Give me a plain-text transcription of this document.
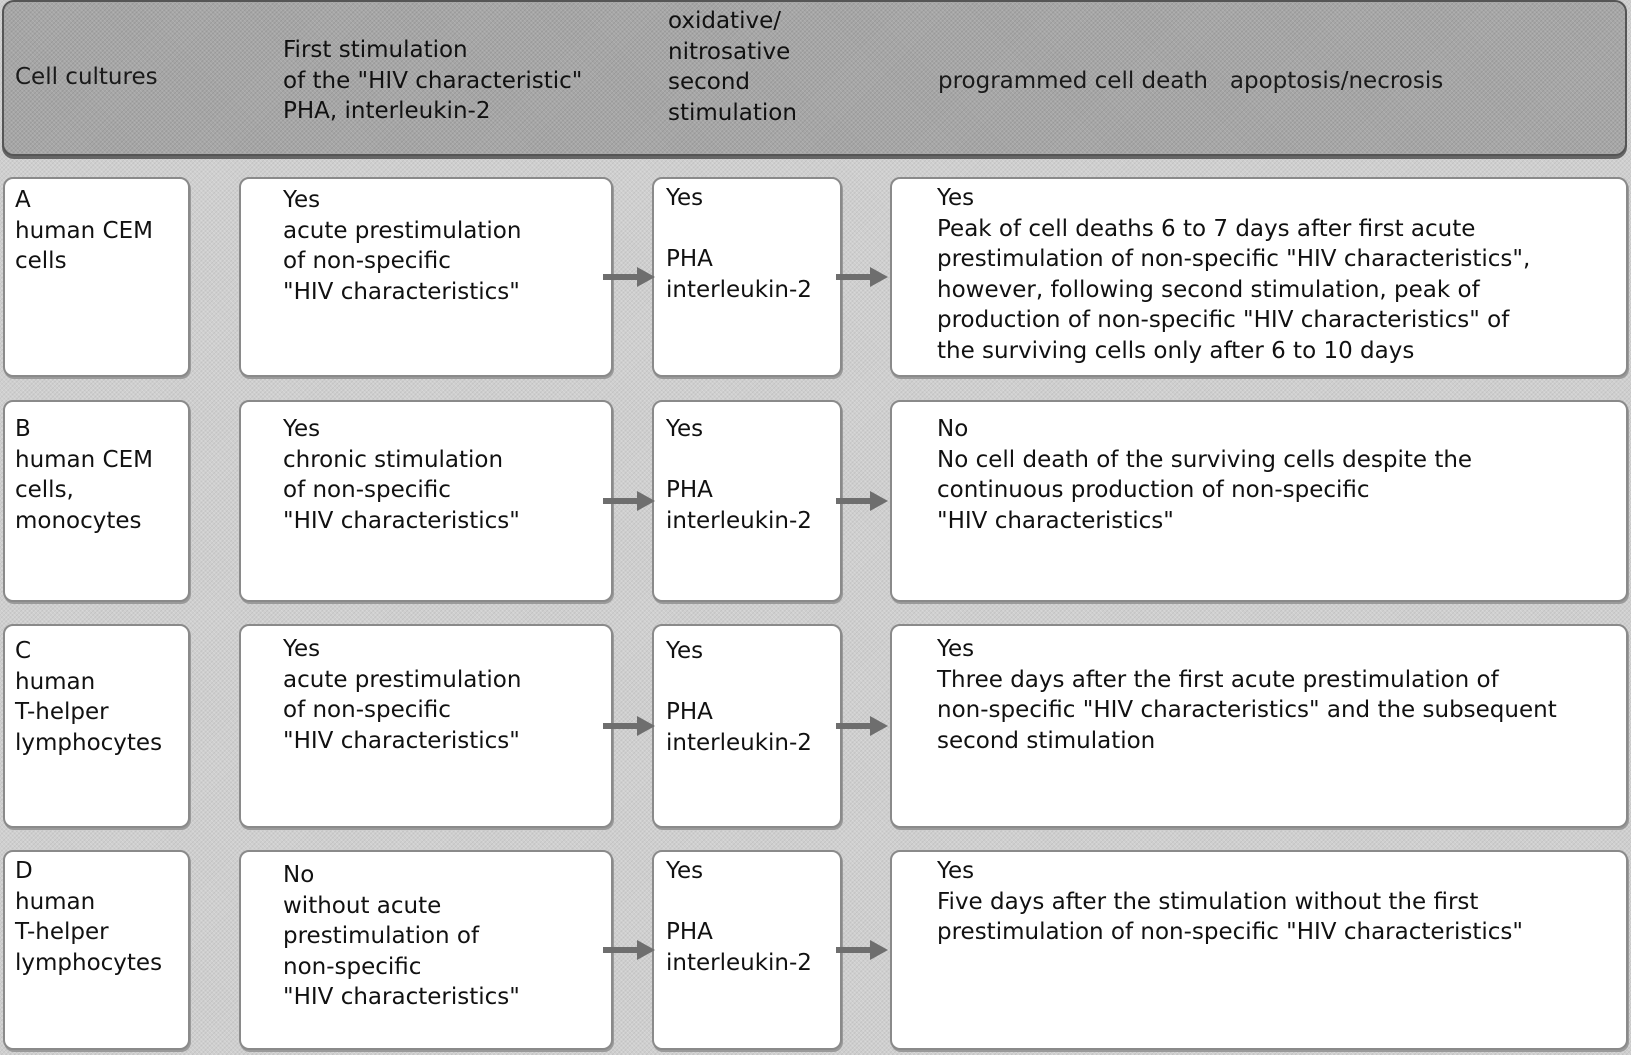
Cell cultures
First stimulation
of the "HIV characteristic"
PHA, interleukin-2
oxidative/
nitrosative
second
stimulation
programmed cell death   apoptosis/necrosis
A
human CEM
cells
Yes
acute prestimulation
of non-specific
"HIV characteristics"
Yes

PHA
interleukin-2
Yes
Peak of cell deaths 6 to 7 days after first acute
prestimulation of non-specific "HIV characteristics",
however, following second stimulation, peak of
production of non-specific "HIV characteristics" of
the surviving cells only after 6 to 10 days
B
human CEM
cells,
monocytes
Yes
chronic stimulation
of non-specific
"HIV characteristics"
Yes

PHA
interleukin-2
No
No cell death of the surviving cells despite the
continuous production of non-specific
"HIV characteristics"
C
human
T-helper
lymphocytes
Yes
acute prestimulation
of non-specific
"HIV characteristics"
Yes

PHA
interleukin-2
Yes
Three days after the first acute prestimulation of
non-specific "HIV characteristics" and the subsequent
second stimulation
D
human
T-helper
lymphocytes
No
without acute
prestimulation of
non-specific
"HIV characteristics"
Yes

PHA
interleukin-2
Yes
Five days after the stimulation without the first
prestimulation of non-specific "HIV characteristics"
